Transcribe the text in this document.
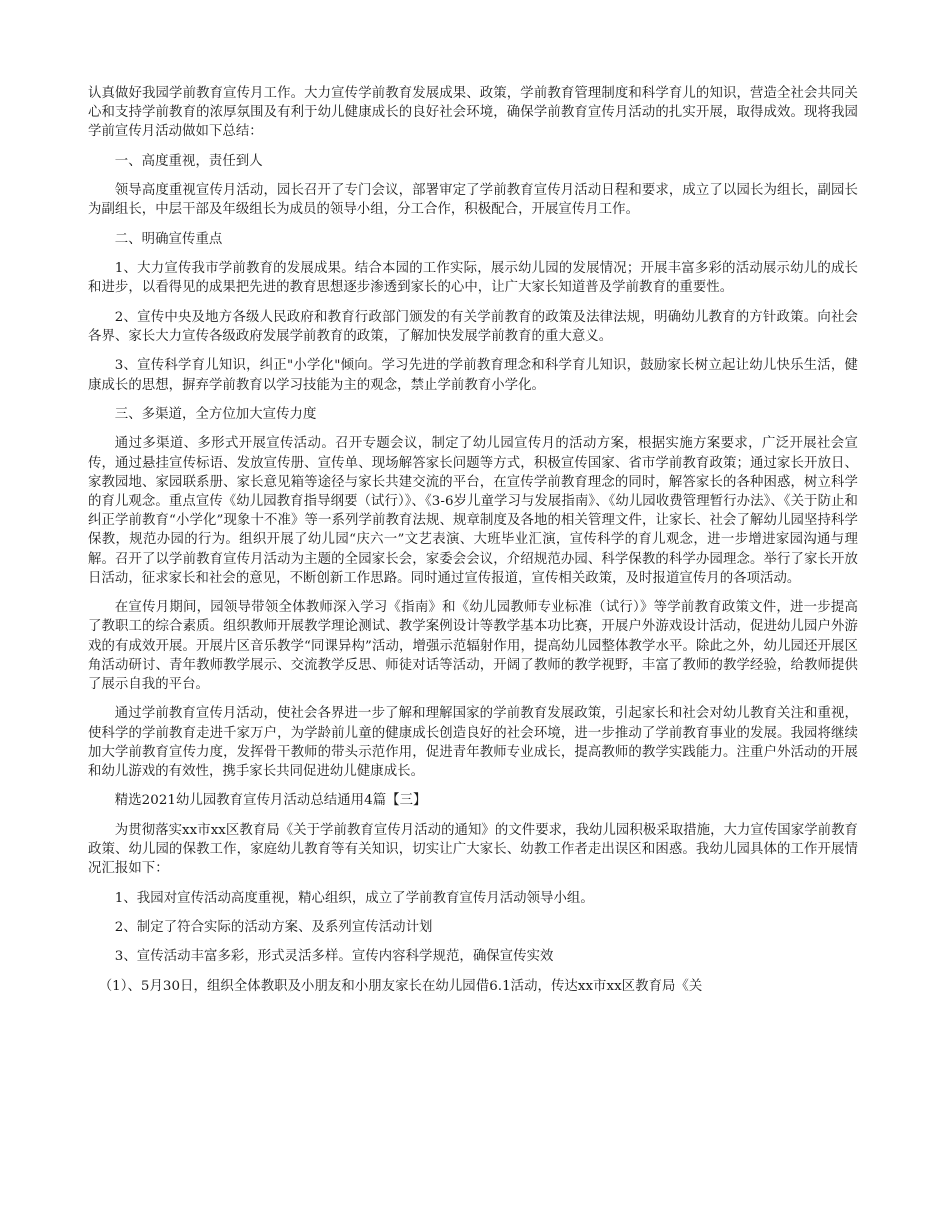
认真做好我园学前教育宣传月工作。大力宣传学前教育发展成果、政策，学前教育管理制度和科学育儿的知识，营造全社会共同关心和支持学前教育的浓厚氛围及有利于幼儿健康成长的良好社会环境，确保学前教育宣传月活动的扎实开展，取得成效。现将我园学前宣传月活动做如下总结：

一、高度重视，责任到人

领导高度重视宣传月活动，园长召开了专门会议，部署审定了学前教育宣传月活动日程和要求，成立了以园长为组长，副园长为副组长，中层干部及年级组长为成员的领导小组，分工合作，积极配合，开展宣传月工作。

二、明确宣传重点

1、大力宣传我市学前教育的发展成果。结合本园的工作实际，展示幼儿园的发展情况；开展丰富多彩的活动展示幼儿的成长和进步，以看得见的成果把先进的教育思想逐步渗透到家长的心中，让广大家长知道普及学前教育的重要性。

2、宣传中央及地方各级人民政府和教育行政部门颁发的有关学前教育的政策及法律法规，明确幼儿教育的方针政策。向社会各界、家长大力宣传各级政府发展学前教育的政策，了解加快发展学前教育的重大意义。

3、宣传科学育儿知识，纠正"小学化"倾向。学习先进的学前教育理念和科学育儿知识，鼓励家长树立起让幼儿快乐生活，健康成长的思想，摒弃学前教育以学习技能为主的观念，禁止学前教育小学化。

三、多渠道，全方位加大宣传力度

通过多渠道、多形式开展宣传活动。召开专题会议，制定了幼儿园宣传月的活动方案，根据实施方案要求，广泛开展社会宣传，通过悬挂宣传标语、发放宣传册、宣传单、现场解答家长问题等方式，积极宣传国家、省市学前教育政策；通过家长开放日、家教园地、家园联系册、家长意见箱等途径与家长共建交流的平台，在宣传学前教育理念的同时，解答家长的各种困惑，树立科学的育儿观念。重点宣传《幼儿园教育指导纲要（试行）》、《3-6岁儿童学习与发展指南》、《幼儿园收费管理暂行办法》、《关于防止和纠正学前教育“小学化”现象十不准》等一系列学前教育法规、规章制度及各地的相关管理文件，让家长、社会了解幼儿园坚持科学保教，规范办园的行为。组织开展了幼儿园“庆六一”文艺表演、大班毕业汇演，宣传科学的育儿观念，进一步增进家园沟通与理解。召开了以学前教育宣传月活动为主题的全园家长会，家委会会议，介绍规范办园、科学保教的科学办园理念。举行了家长开放日活动，征求家长和社会的意见，不断创新工作思路。同时通过宣传报道，宣传相关政策，及时报道宣传月的各项活动。

在宣传月期间，园领导带领全体教师深入学习《指南》和《幼儿园教师专业标准（试行）》等学前教育政策文件，进一步提高了教职工的综合素质。组织教师开展教学理论测试、教学案例设计等教学基本功比赛，开展户外游戏设计活动，促进幼儿园户外游戏的有成效开展。开展片区音乐教学“同课异构”活动，增强示范辐射作用，提高幼儿园整体教学水平。除此之外，幼儿园还开展区角活动研讨、青年教师教学展示、交流教学反思、师徒对话等活动，开阔了教师的教学视野，丰富了教师的教学经验，给教师提供了展示自我的平台。

通过学前教育宣传月活动，使社会各界进一步了解和理解国家的学前教育发展政策，引起家长和社会对幼儿教育关注和重视，使科学的学前教育走进千家万户，为学龄前儿童的健康成长创造良好的社会环境，进一步推动了学前教育事业的发展。我园将继续加大学前教育宣传力度，发挥骨干教师的带头示范作用，促进青年教师专业成长，提高教师的教学实践能力。注重户外活动的开展和幼儿游戏的有效性，携手家长共同促进幼儿健康成长。

精选2021幼儿园教育宣传月活动总结通用4篇【三】

为贯彻落实xx市xx区教育局《关于学前教育宣传月活动的通知》的文件要求，我幼儿园积极采取措施，大力宣传国家学前教育政策、幼儿园的保教工作，家庭幼儿教育等有关知识，切实让广大家长、幼教工作者走出误区和困惑。我幼儿园具体的工作开展情况汇报如下：

1、我园对宣传活动高度重视，精心组织，成立了学前教育宣传月活动领导小组。

2、制定了符合实际的活动方案、及系列宣传活动计划

3、宣传活动丰富多彩，形式灵活多样。宣传内容科学规范，确保宣传实效

（1）、5月30日，组织全体教职及小朋友和小朋友家长在幼儿园借6.1活动，传达xx市xx区教育局《关
